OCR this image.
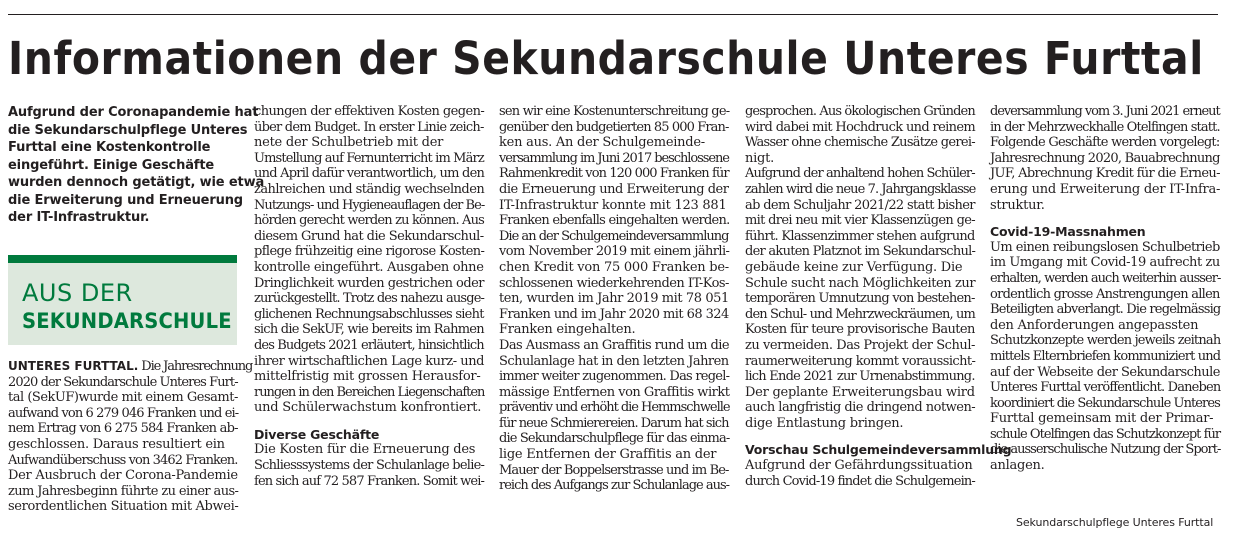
Informationen der Sekundarschule Unteres Furttal
Aufgrund der Coronapandemie hat
die Sekundarschulpflege Unteres
Furttal eine Kostenkontrolle
eingeführt. Einige Geschäfte
wurden dennoch getätigt, wie etwa
die Erweiterung und Erneuerung
der IT-Infrastruktur.
AUS DER
SEKUNDARSCHULE
UNTERES FURTTAL. Die Jahresrechnung
2020 der Sekundarschule Unteres Furt-
tal (SekUF)wurde mit einem Gesamt-
aufwand von 6 279 046 Franken und ei-
nem Ertrag von 6 275 584 Franken ab-
geschlossen. Daraus resultiert ein
Aufwandüberschuss von 3462 Franken.
Der Ausbruch der Corona-Pandemie
zum Jahresbeginn führte zu einer aus-
serordentlichen Situation mit Abwei-
chungen der effektiven Kosten gegen-
über dem Budget. In erster Linie zeich-
nete der Schulbetrieb mit der
Umstellung auf Fernunterricht im März
und April dafür verantwortlich, um den
zahlreichen und ständig wechselnden
Nutzungs- und Hygieneauflagen der Be-
hörden gerecht werden zu können. Aus
diesem Grund hat die Sekundarschul-
pflege frühzeitig eine rigorose Kosten-
kontrolle eingeführt. Ausgaben ohne
Dringlichkeit wurden gestrichen oder
zurückgestellt. Trotz des nahezu ausge-
glichenen Rechnungsabschlusses sieht
sich die SekUF, wie bereits im Rahmen
des Budgets 2021 erläutert, hinsichtlich
ihrer wirtschaftlichen Lage kurz- und
mittelfristig mit grossen Herausfor-
rungen in den Bereichen Liegenschaften
und Schülerwachstum konfrontiert.
Diverse Geschäfte
Die Kosten für die Erneuerung des
Schliesssystems der Schulanlage belie-
fen sich auf 72 587 Franken. Somit wei-
sen wir eine Kostenunterschreitung ge-
genüber den budgetierten 85 000 Fran-
ken aus. An der Schulgemeinde-
versammlung im Juni 2017 beschlossene
Rahmenkredit von 120 000 Franken für
die Erneuerung und Erweiterung der
IT-Infrastruktur konnte mit 123 881
Franken ebenfalls eingehalten werden.
Die an der Schulgemeindeversammlung
vom November 2019 mit einem jährli-
chen Kredit von 75 000 Franken be-
schlossenen wiederkehrenden IT-Kos-
ten, wurden im Jahr 2019 mit 78 051
Franken und im Jahr 2020 mit 68 324
Franken eingehalten.
Das Ausmass an Graffitis rund um die
Schulanlage hat in den letzten Jahren
immer weiter zugenommen. Das regel-
mässige Entfernen von Graffitis wirkt
präventiv und erhöht die Hemmschwelle
für neue Schmierereien. Darum hat sich
die Sekundarschulpflege für das einma-
lige Entfernen der Graffitis an der
Mauer der Boppelserstrasse und im Be-
reich des Aufgangs zur Schulanlage aus-
gesprochen. Aus ökologischen Gründen
wird dabei mit Hochdruck und reinem
Wasser ohne chemische Zusätze gerei-
nigt.
Aufgrund der anhaltend hohen Schüler-
zahlen wird die neue 7. Jahrgangsklasse
ab dem Schuljahr 2021/22 statt bisher
mit drei neu mit vier Klassenzügen ge-
führt. Klassenzimmer stehen aufgrund
der akuten Platznot im Sekundarschul-
gebäude keine zur Verfügung. Die
Schule sucht nach Möglichkeiten zur
temporären Umnutzung von bestehen-
den Schul- und Mehrzweckräumen, um
Kosten für teure provisorische Bauten
zu vermeiden. Das Projekt der Schul-
raumerweiterung kommt voraussicht-
lich Ende 2021 zur Urnenabstimmung.
Der geplante Erweiterungsbau wird
auch langfristig die dringend notwen-
dige Entlastung bringen.
Vorschau Schulgemeindeversammlung
Aufgrund der Gefährdungssituation
durch Covid-19 findet die Schulgemein-
deversammlung vom 3. Juni 2021 erneut
in der Mehrzweckhalle Otelfingen statt.
Folgende Geschäfte werden vorgelegt:
Jahresrechnung 2020, Bauabrechnung
JUF, Abrechnung Kredit für die Erneu-
erung und Erweiterung der IT-Infra-
struktur.
Covid-19-Massnahmen
Um einen reibungslosen Schulbetrieb
im Umgang mit Covid-19 aufrecht zu
erhalten, werden auch weiterhin ausser-
ordentlich grosse Anstrengungen allen
Beteiligten abverlangt. Die regelmässig
den Anforderungen angepassten
Schutzkonzepte werden jeweils zeitnah
mittels Elternbriefen kommuniziert und
auf der Webseite der Sekundarschule
Unteres Furttal veröffentlicht. Daneben
koordiniert die Sekundarschule Unteres
Furttal gemeinsam mit der Primar-
schule Otelfingen das Schutzkonzept für
die ausserschulische Nutzung der Sport-
anlagen.
Sekundarschulpflege Unteres Furttal
